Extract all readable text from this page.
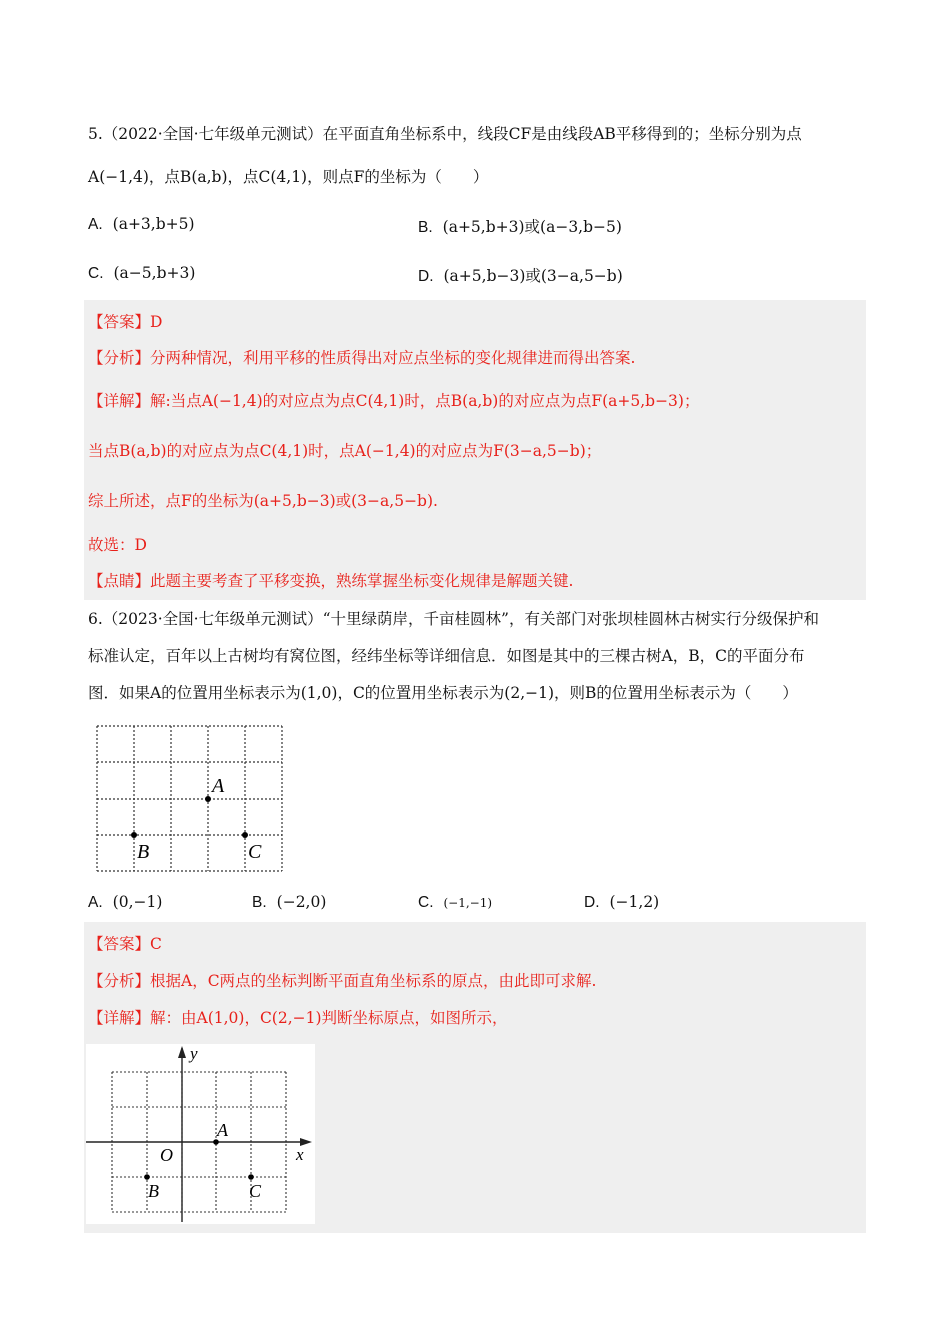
5.（2022·全国·七年级单元测试）在平面直角坐标系中，线段CF是由线段AB平移得到的；坐标分别为点
A(−1,4)，点B(a,b)，点C(4,1)，则点F的坐标为（　　）
A. (a+3,b+5)	B. (a+5,b+3)或(a−3,b−5)
C. (a−5,b+3)	D. (a+5,b−3)或(3−a,5−b)
【答案】D
【分析】分两种情况，利用平移的性质得出对应点坐标的变化规律进而得出答案.
【详解】解:当点A(−1,4)的对应点为点C(4,1)时，点B(a,b)的对应点为点F(a+5,b−3)；
当点B(a,b)的对应点为点C(4,1)时，点A(−1,4)的对应点为F(3−a,5−b)；
综上所述，点F的坐标为(a+5,b−3)或(3−a,5−b).
故选：D
【点睛】此题主要考查了平移变换，熟练掌握坐标变化规律是解题关键.
6.（2023·全国·七年级单元测试）“十里绿荫岸，千亩桂圆林”，有关部门对张坝桂圆林古树实行分级保护和
标准认定，百年以上古树均有窝位图，经纬坐标等详细信息．如图是其中的三棵古树A，B，C的平面分布
图．如果A的位置用坐标表示为(1,0)，C的位置用坐标表示为(2,−1)，则B的位置用坐标表示为（　　）
A
B	C
A. (0,−1)	B. (−2,0)	C. (−1,−1)	D. (−1,2)
【答案】C
【分析】根据A，C两点的坐标判断平面直角坐标系的原点，由此即可求解.
【详解】解：由A(1,0)，C(2,−1)判断坐标原点，如图所示，
y
x
O
A
B	C
